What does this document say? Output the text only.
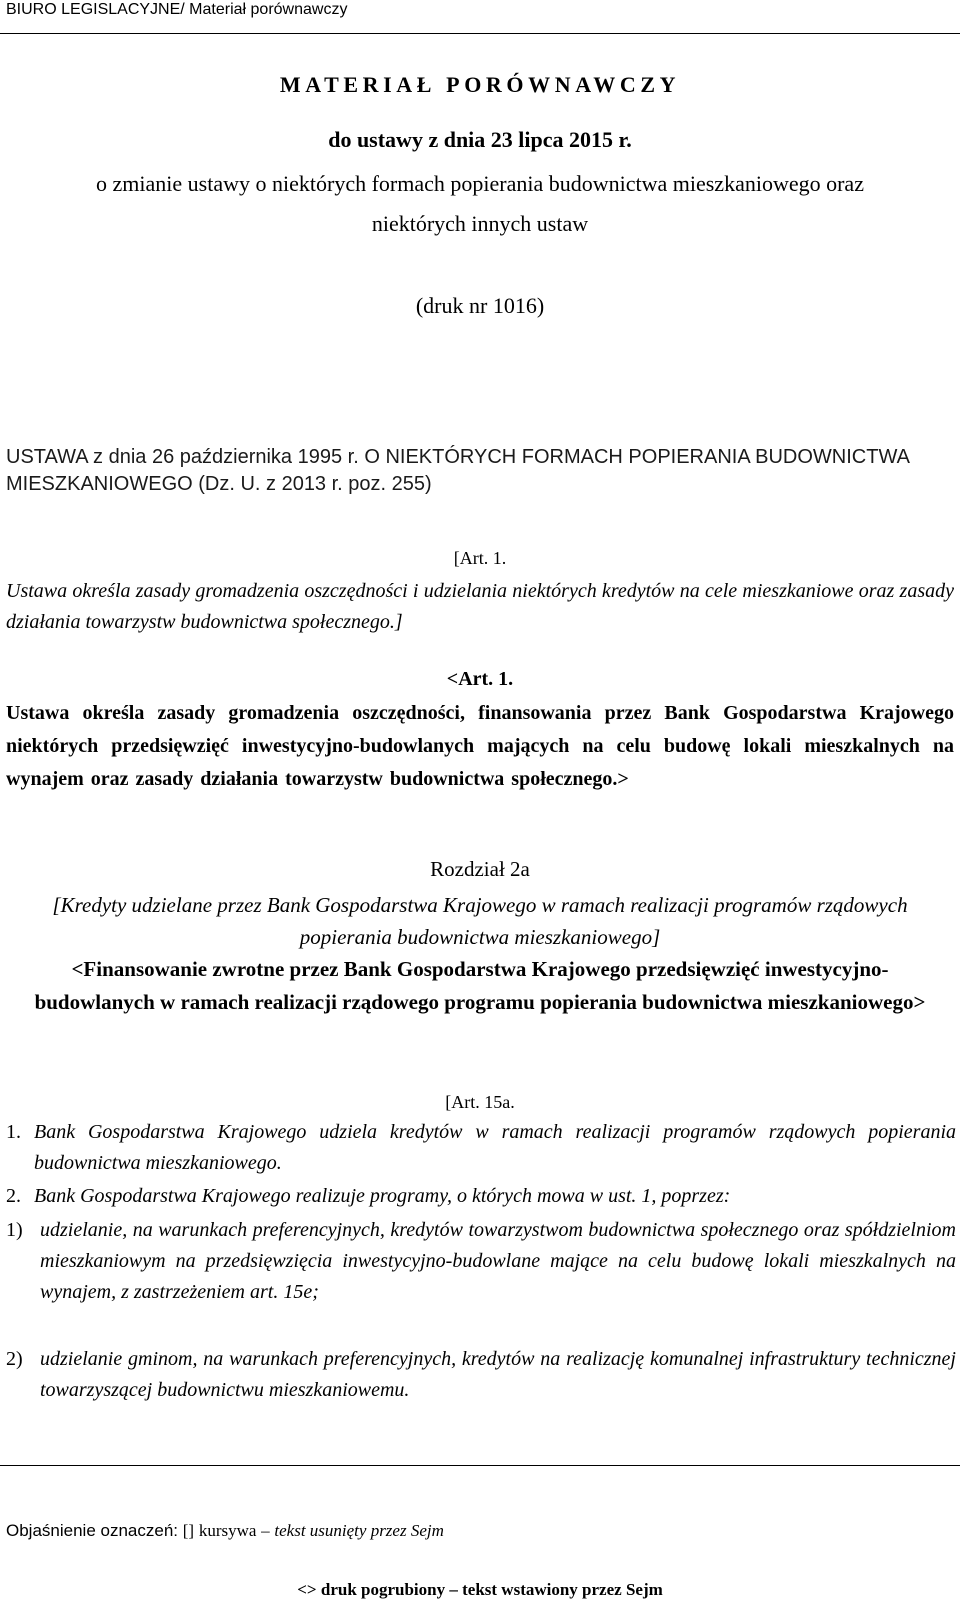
BIURO LEGISLACYJNE/ Materiał porównawczy
MATERIAŁ PORÓWNAWCZY
do ustawy z dnia 23 lipca 2015 r.
o zmianie ustawy o niektórych formach popierania budownictwa mieszkaniowego oraz
niektórych innych ustaw
(druk nr 1016)
USTAWA z dnia 26 października 1995 r. O NIEKTÓRYCH FORMACH POPIERANIA BUDOWNICTWA MIESZKANIOWEGO (Dz. U. z 2013 r. poz. 255)
[Art. 1.
Ustawa określa zasady gromadzenia oszczędności i udzielania niektórych kredytów na cele mieszkaniowe oraz zasady działania towarzystw budownictwa społecznego.]
<Art. 1.
Ustawa określa zasady gromadzenia oszczędności, finansowania przez Bank Gospodarstwa Krajowego niektórych przedsięwzięć inwestycyjno-budowlanych mających na celu budowę lokali mieszkalnych na wynajem oraz zasady działania towarzystw budownictwa społecznego.>
Rozdział 2a
[Kredyty udzielane przez Bank Gospodarstwa Krajowego w ramach realizacji programów rządowych popierania budownictwa mieszkaniowego]
<Finansowanie zwrotne przez Bank Gospodarstwa Krajowego przedsięwzięć inwestycyjno-budowlanych w ramach realizacji rządowego programu popierania budownictwa mieszkaniowego>
[Art. 15a.
1. Bank Gospodarstwa Krajowego udziela kredytów w ramach realizacji programów rządowych popierania budownictwa mieszkaniowego.
2. Bank Gospodarstwa Krajowego realizuje programy, o których mowa w ust. 1, poprzez:
1) udzielanie, na warunkach preferencyjnych, kredytów towarzystwom budownictwa społecznego oraz spółdzielniom mieszkaniowym na przedsięwzięcia inwestycyjno-budowlane mające na celu budowę lokali mieszkalnych na wynajem, z zastrzeżeniem art. 15e;
2) udzielanie gminom, na warunkach preferencyjnych, kredytów na realizację komunalnej infrastruktury technicznej towarzyszącej budownictwu mieszkaniowemu.
Objaśnienie oznaczeń: [] kursywa – tekst usunięty przez Sejm
<> druk pogrubiony – tekst wstawiony przez Sejm
